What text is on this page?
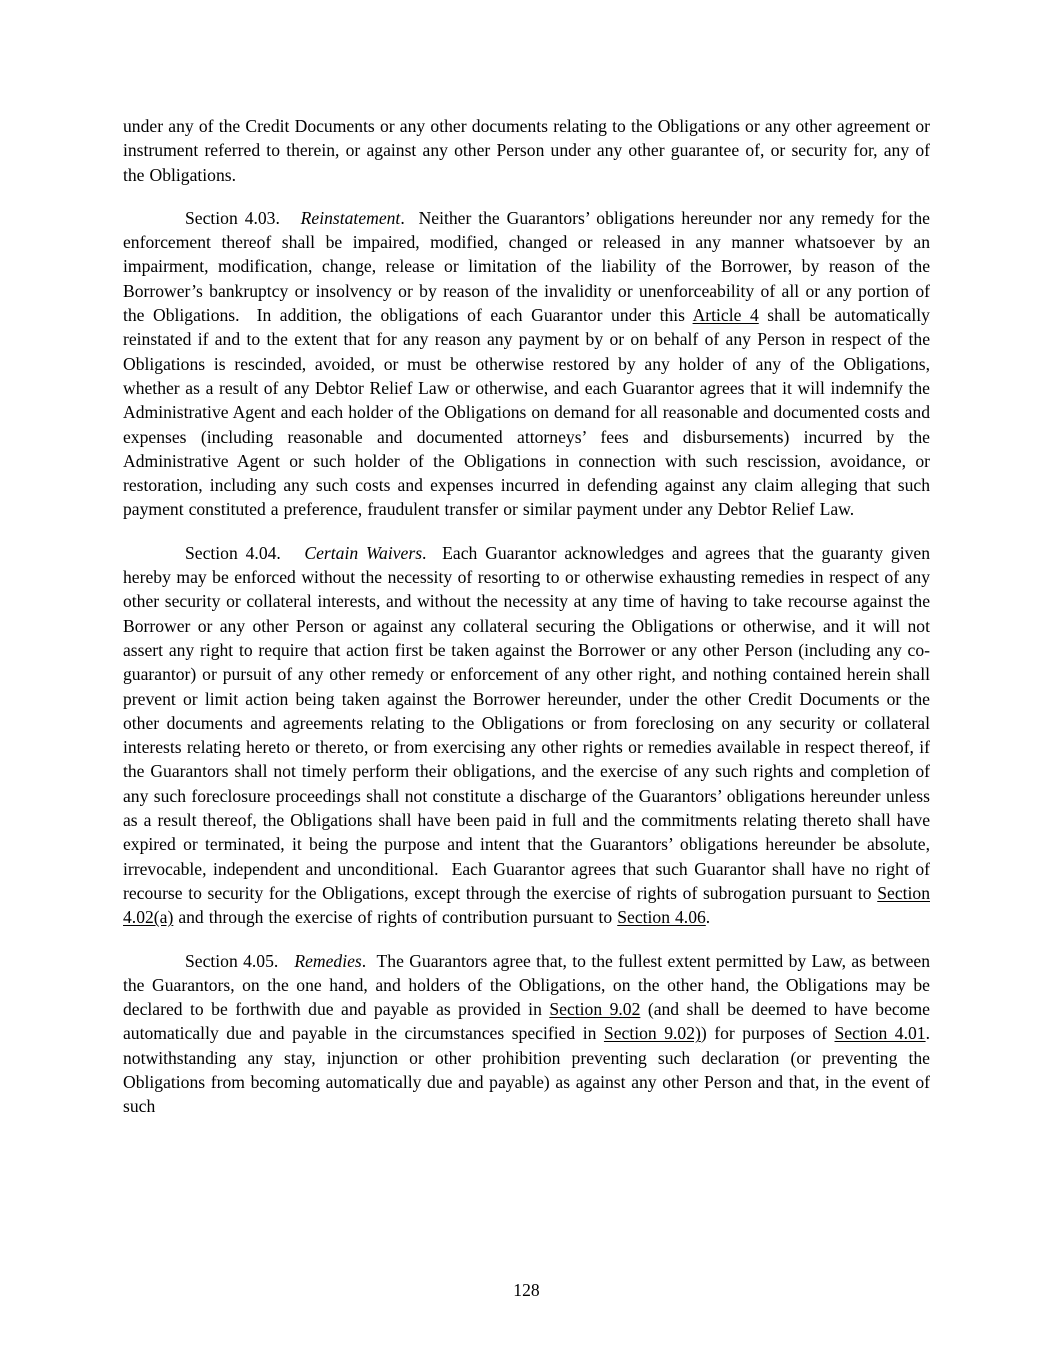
under any of the Credit Documents or any other documents relating to the Obligations or any other agreement or instrument referred to therein, or against any other Person under any other guarantee of, or security for, any of the Obligations.

Section 4.03.   Reinstatement.  Neither the Guarantors’ obligations hereunder nor any remedy for the enforcement thereof shall be impaired, modified, changed or released in any manner whatsoever by an impairment, modification, change, release or limitation of the liability of the Borrower, by reason of the Borrower’s bankruptcy or insolvency or by reason of the invalidity or unenforceability of all or any portion of the Obligations.  In addition, the obligations of each Guarantor under this Article 4 shall be automatically reinstated if and to the extent that for any reason any payment by or on behalf of any Person in respect of the Obligations is rescinded, avoided, or must be otherwise restored by any holder of any of the Obligations, whether as a result of any Debtor Relief Law or otherwise, and each Guarantor agrees that it will indemnify the Administrative Agent and each holder of the Obligations on demand for all reasonable and documented costs and expenses (including reasonable and documented attorneys’ fees and disbursements) incurred by the Administrative Agent or such holder of the Obligations in connection with such rescission, avoidance, or restoration, including any such costs and expenses incurred in defending against any claim alleging that such payment constituted a preference, fraudulent transfer or similar payment under any Debtor Relief Law.

Section 4.04.   Certain Waivers.  Each Guarantor acknowledges and agrees that the guaranty given hereby may be enforced without the necessity of resorting to or otherwise exhausting remedies in respect of any other security or collateral interests, and without the necessity at any time of having to take recourse against the Borrower or any other Person or against any collateral securing the Obligations or otherwise, and it will not assert any right to require that action first be taken against the Borrower or any other Person (including any co-guarantor) or pursuit of any other remedy or enforcement of any other right, and nothing contained herein shall prevent or limit action being taken against the Borrower hereunder, under the other Credit Documents or the other documents and agreements relating to the Obligations or from foreclosing on any security or collateral interests relating hereto or thereto, or from exercising any other rights or remedies available in respect thereof, if the Guarantors shall not timely perform their obligations, and the exercise of any such rights and completion of any such foreclosure proceedings shall not constitute a discharge of the Guarantors’ obligations hereunder unless as a result thereof, the Obligations shall have been paid in full and the commitments relating thereto shall have expired or terminated, it being the purpose and intent that the Guarantors’ obligations hereunder be absolute, irrevocable, independent and unconditional.  Each Guarantor agrees that such Guarantor shall have no right of recourse to security for the Obligations, except through the exercise of rights of subrogation pursuant to Section 4.02(a) and through the exercise of rights of contribution pursuant to Section 4.06.

Section 4.05.   Remedies.  The Guarantors agree that, to the fullest extent permitted by Law, as between the Guarantors, on the one hand, and holders of the Obligations, on the other hand, the Obligations may be declared to be forthwith due and payable as provided in Section 9.02 (and shall be deemed to have become automatically due and payable in the circumstances specified in Section 9.02)) for purposes of Section 4.01. notwithstanding any stay, injunction or other prohibition preventing such declaration (or preventing the Obligations from becoming automatically due and payable) as against any other Person and that, in the event of such

128
